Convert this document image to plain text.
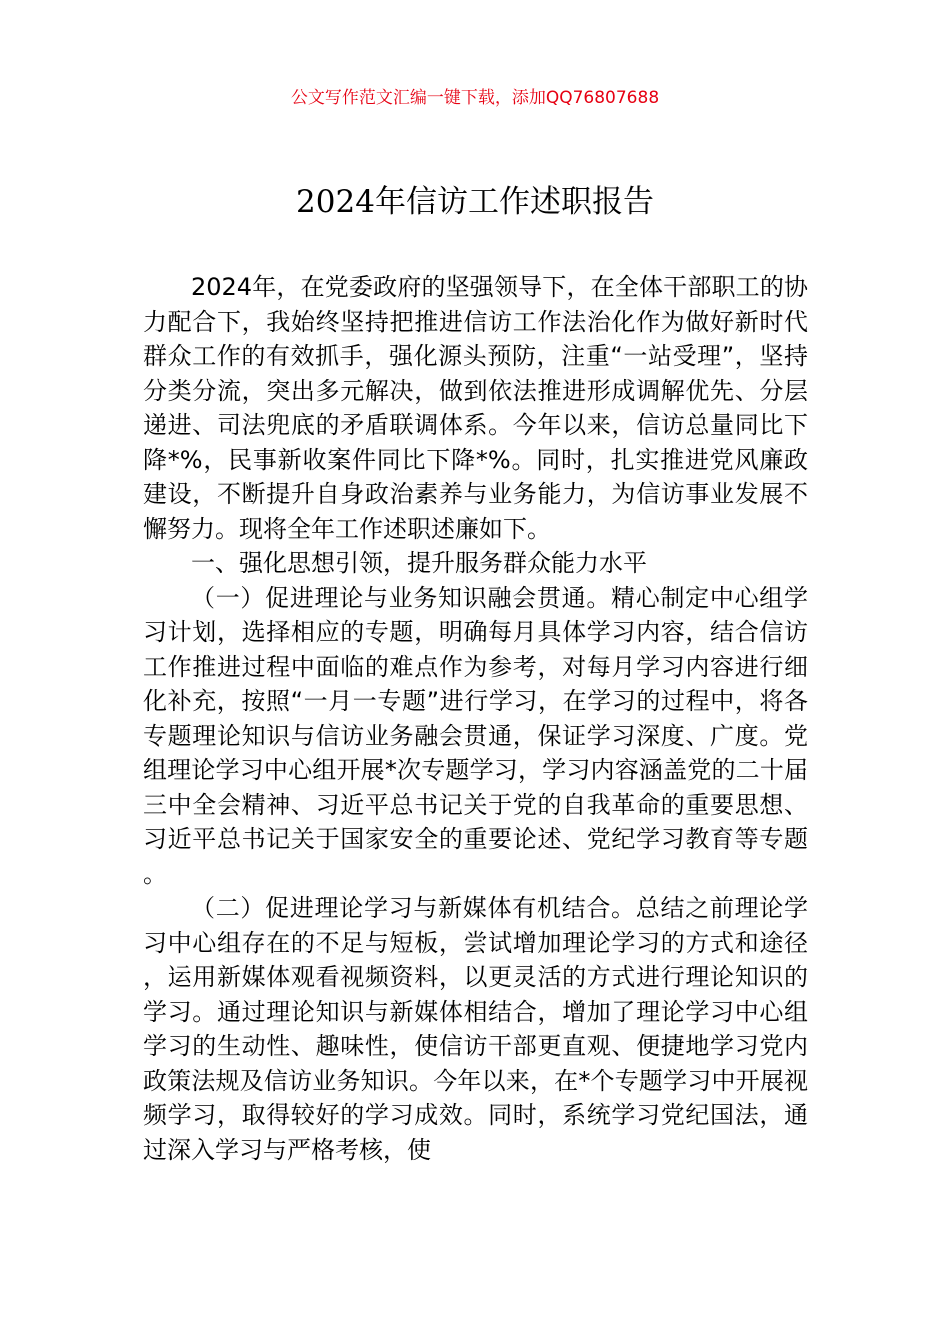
公文写作范文汇编一键下载，添加QQ76807688
2024年信访工作述职报告

2024年，在党委政府的坚强领导下，在全体干部职工的协力配合下，我始终坚持把推进信访工作法治化作为做好新时代群众工作的有效抓手，强化源头预防，注重“一站受理”，坚持分类分流，突出多元解决，做到依法推进形成调解优先、分层递进、司法兜底的矛盾联调体系。今年以来，信访总量同比下降*%，民事新收案件同比下降*%。同时，扎实推进党风廉政建设，不断提升自身政治素养与业务能力，为信访事业发展不懈努力。现将全年工作述职述廉如下。

一、强化思想引领，提升服务群众能力水平

（一）促进理论与业务知识融会贯通。精心制定中心组学习计划，选择相应的专题，明确每月具体学习内容，结合信访工作推进过程中面临的难点作为参考，对每月学习内容进行细化补充，按照“一月一专题”进行学习，在学习的过程中，将各专题理论知识与信访业务融会贯通，保证学习深度、广度。党组理论学习中心组开展*次专题学习，学习内容涵盖党的二十届三中全会精神、习近平总书记关于党的自我革命的重要思想、习近平总书记关于国家安全的重要论述、党纪学习教育等专题。

（二）促进理论学习与新媒体有机结合。总结之前理论学习中心组存在的不足与短板，尝试增加理论学习的方式和途径，运用新媒体观看视频资料，以更灵活的方式进行理论知识的学习。通过理论知识与新媒体相结合，增加了理论学习中心组学习的生动性、趣味性，使信访干部更直观、便捷地学习党内政策法规及信访业务知识。今年以来，在*个专题学习中开展视频学习，取得较好的学习成效。同时，系统学习党纪国法，通过深入学习与严格考核，使
